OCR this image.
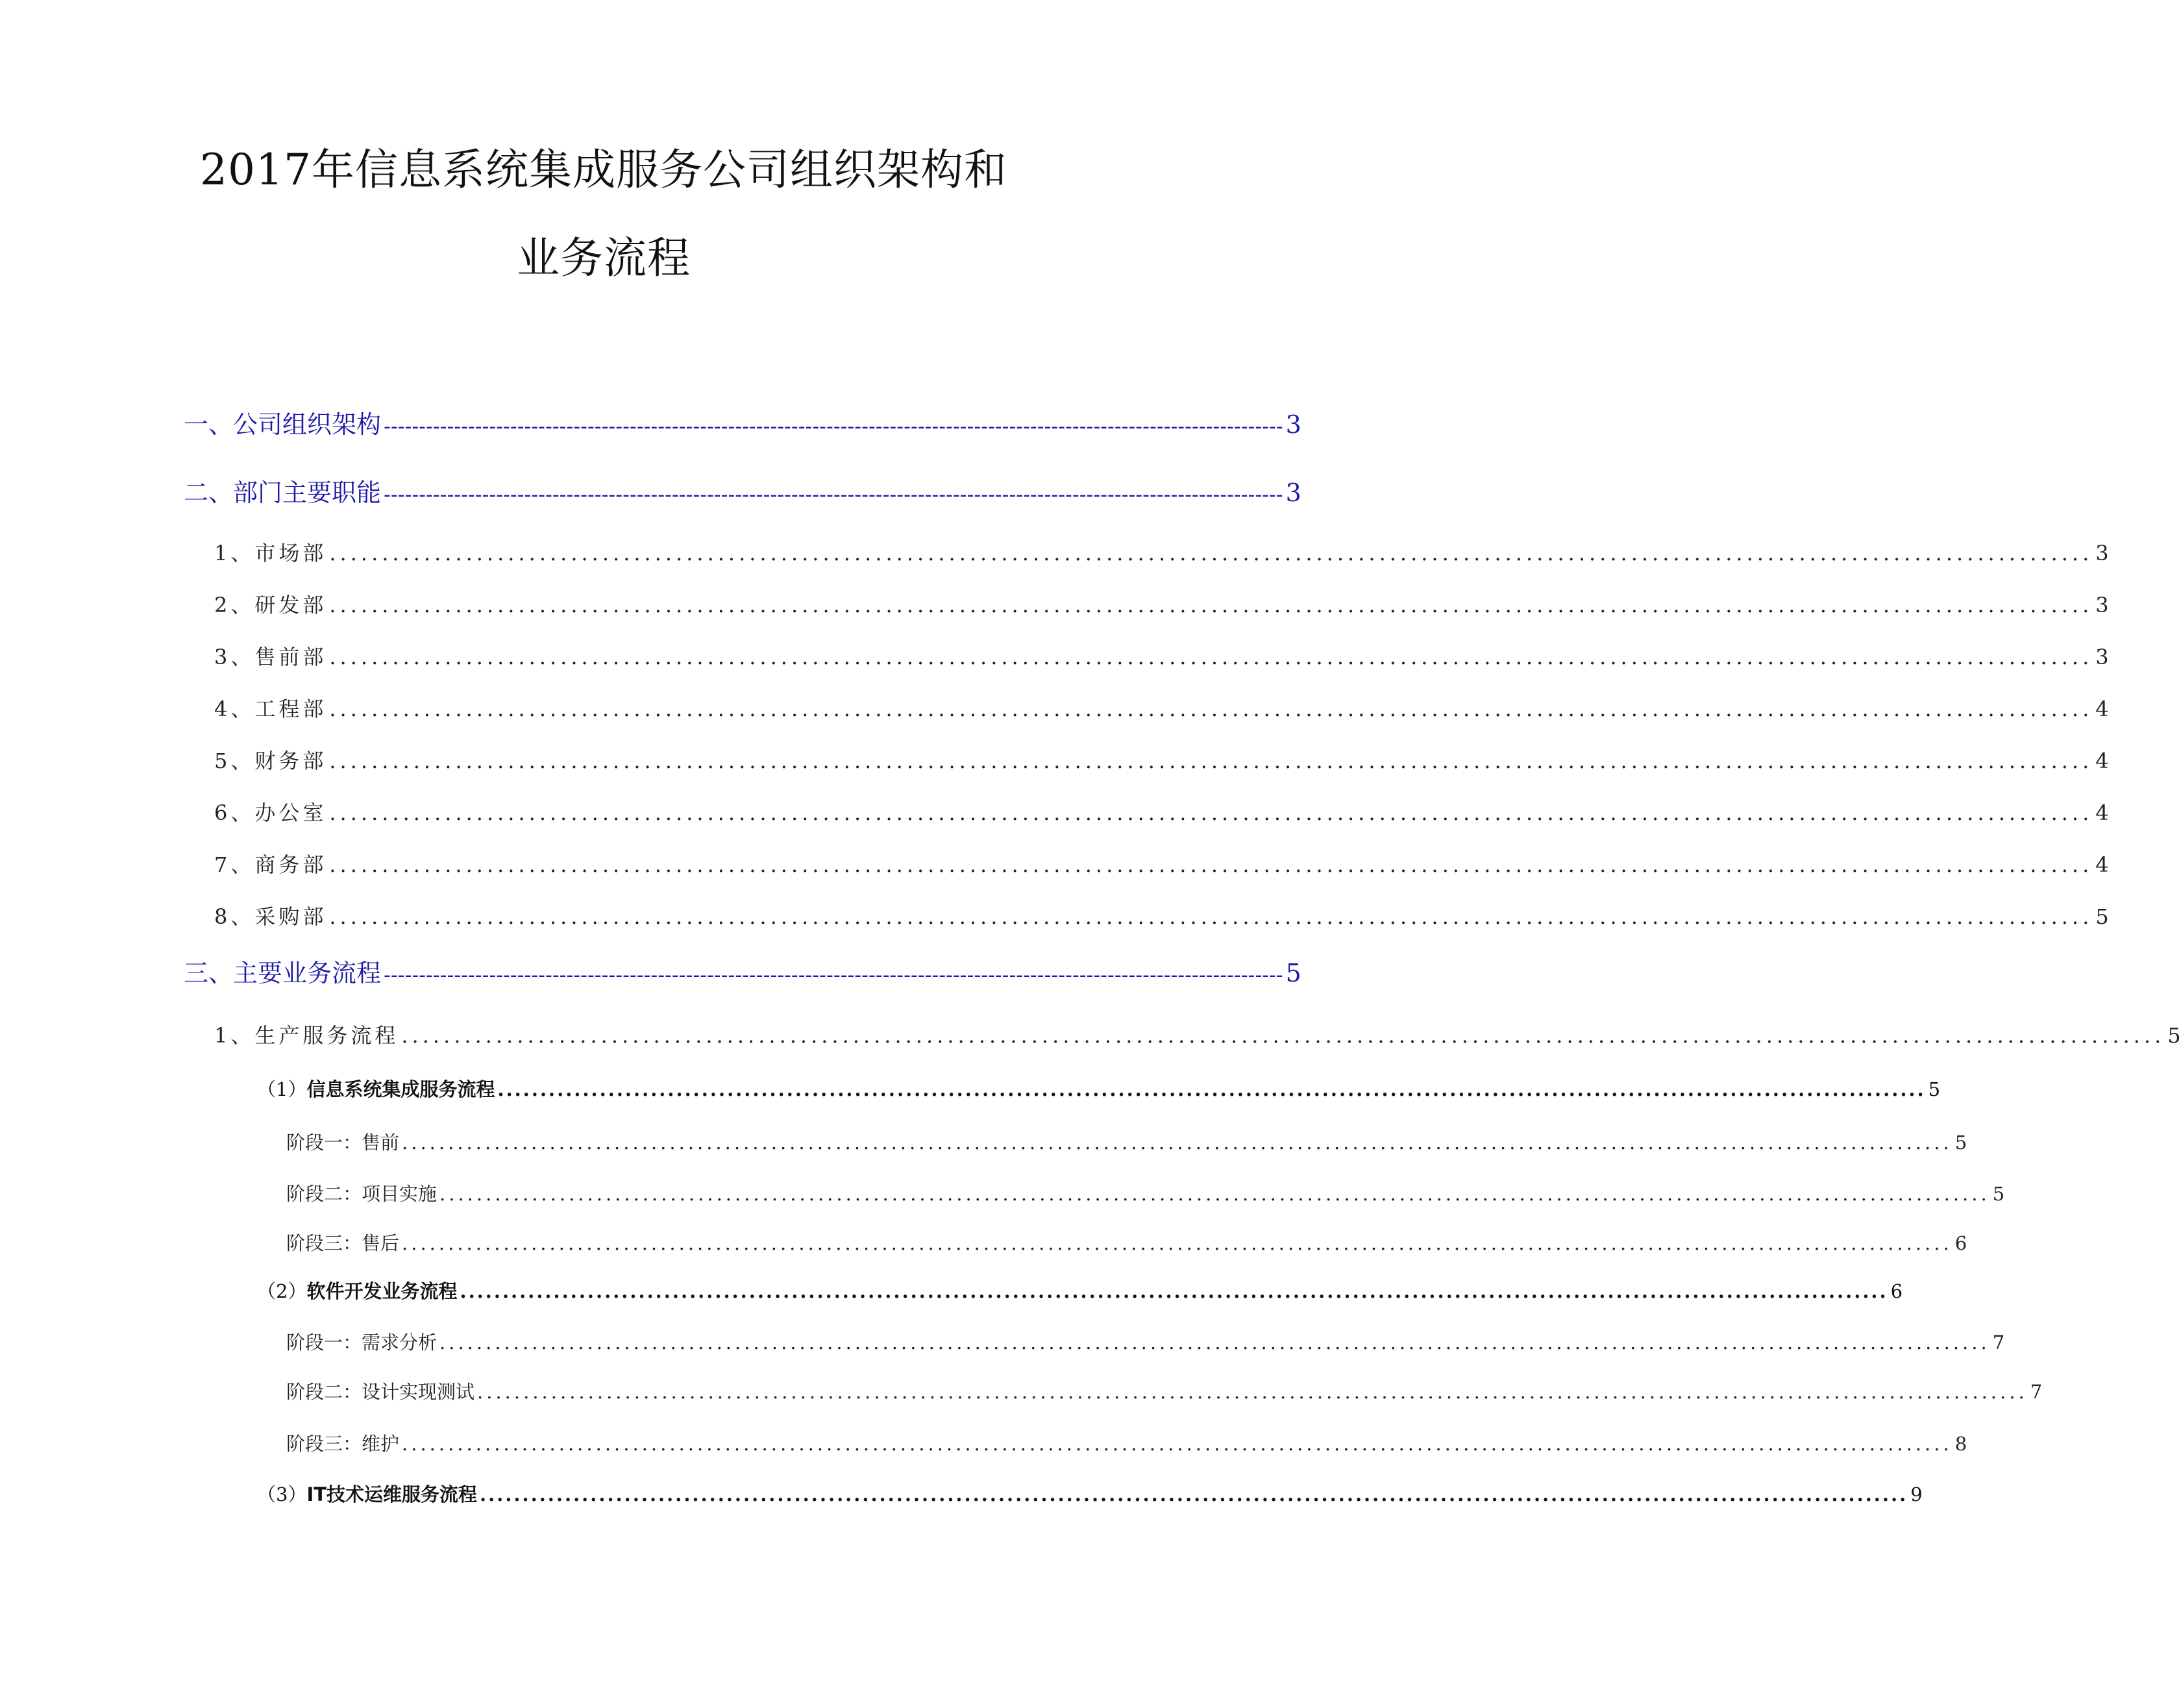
2017年信息系统集成服务公司组织架构和
业务流程
一、公司组织架构 -------------------------------------------------------------------------------------------------------------------------------- 3
二、部门主要职能 -------------------------------------------------------------------------------------------------------------------------------- 3
1、市场部 ........................................................................................................................................................................ 3
2、研发部 ........................................................................................................................................................................ 3
3、售前部 ........................................................................................................................................................................ 3
4、工程部 ........................................................................................................................................................................ 4
5、财务部 ........................................................................................................................................................................ 4
6、办公室 ........................................................................................................................................................................ 4
7、商务部 ........................................................................................................................................................................ 4
8、采购部 ........................................................................................................................................................................ 5
三、主要业务流程 -------------------------------------------------------------------------------------------------------------------------------- 5
1、生产服务流程 ........................................................................................................................................................................ 5
（1）信息系统集成服务流程 ........................................................................................................................................................................ 5
阶段一：售前 ........................................................................................................................................................................ 5
阶段二：项目实施 ........................................................................................................................................................................ 5
阶段三：售后 ........................................................................................................................................................................ 6
（2）软件开发业务流程 ........................................................................................................................................................................ 6
阶段一：需求分析 ........................................................................................................................................................................ 7
阶段二：设计实现测试 ........................................................................................................................................................................ 7
阶段三：维护 ........................................................................................................................................................................ 8
（3）IT技术运维服务流程 ........................................................................................................................................................................ 9
